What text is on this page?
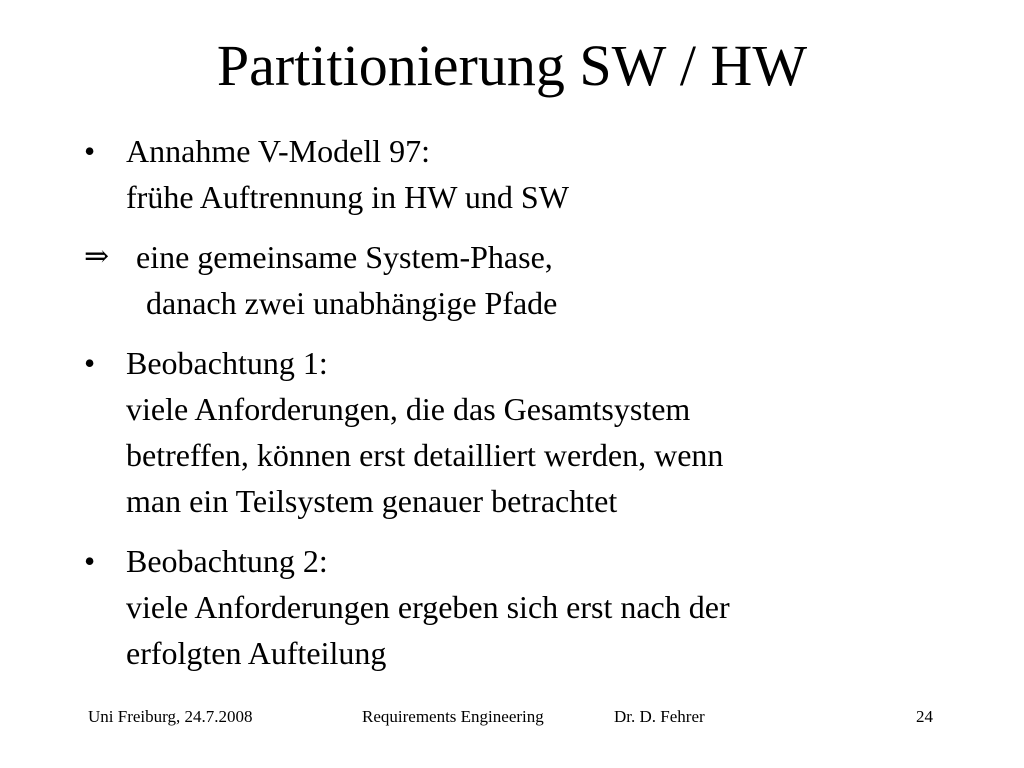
Partitionierung SW / HW
• Annahme V-Modell 97:
frühe Auftrennung in HW und SW
⇒ eine gemeinsame System-Phase,
danach zwei unabhängige Pfade
• Beobachtung 1:
viele Anforderungen, die das Gesamtsystem
betreffen, können erst detailliert werden, wenn
man ein Teilsystem genauer betrachtet
• Beobachtung 2:
viele Anforderungen ergeben sich erst nach der
erfolgten Aufteilung
Uni Freiburg, 24.7.2008	Requirements Engineering	Dr. D. Fehrer	24
